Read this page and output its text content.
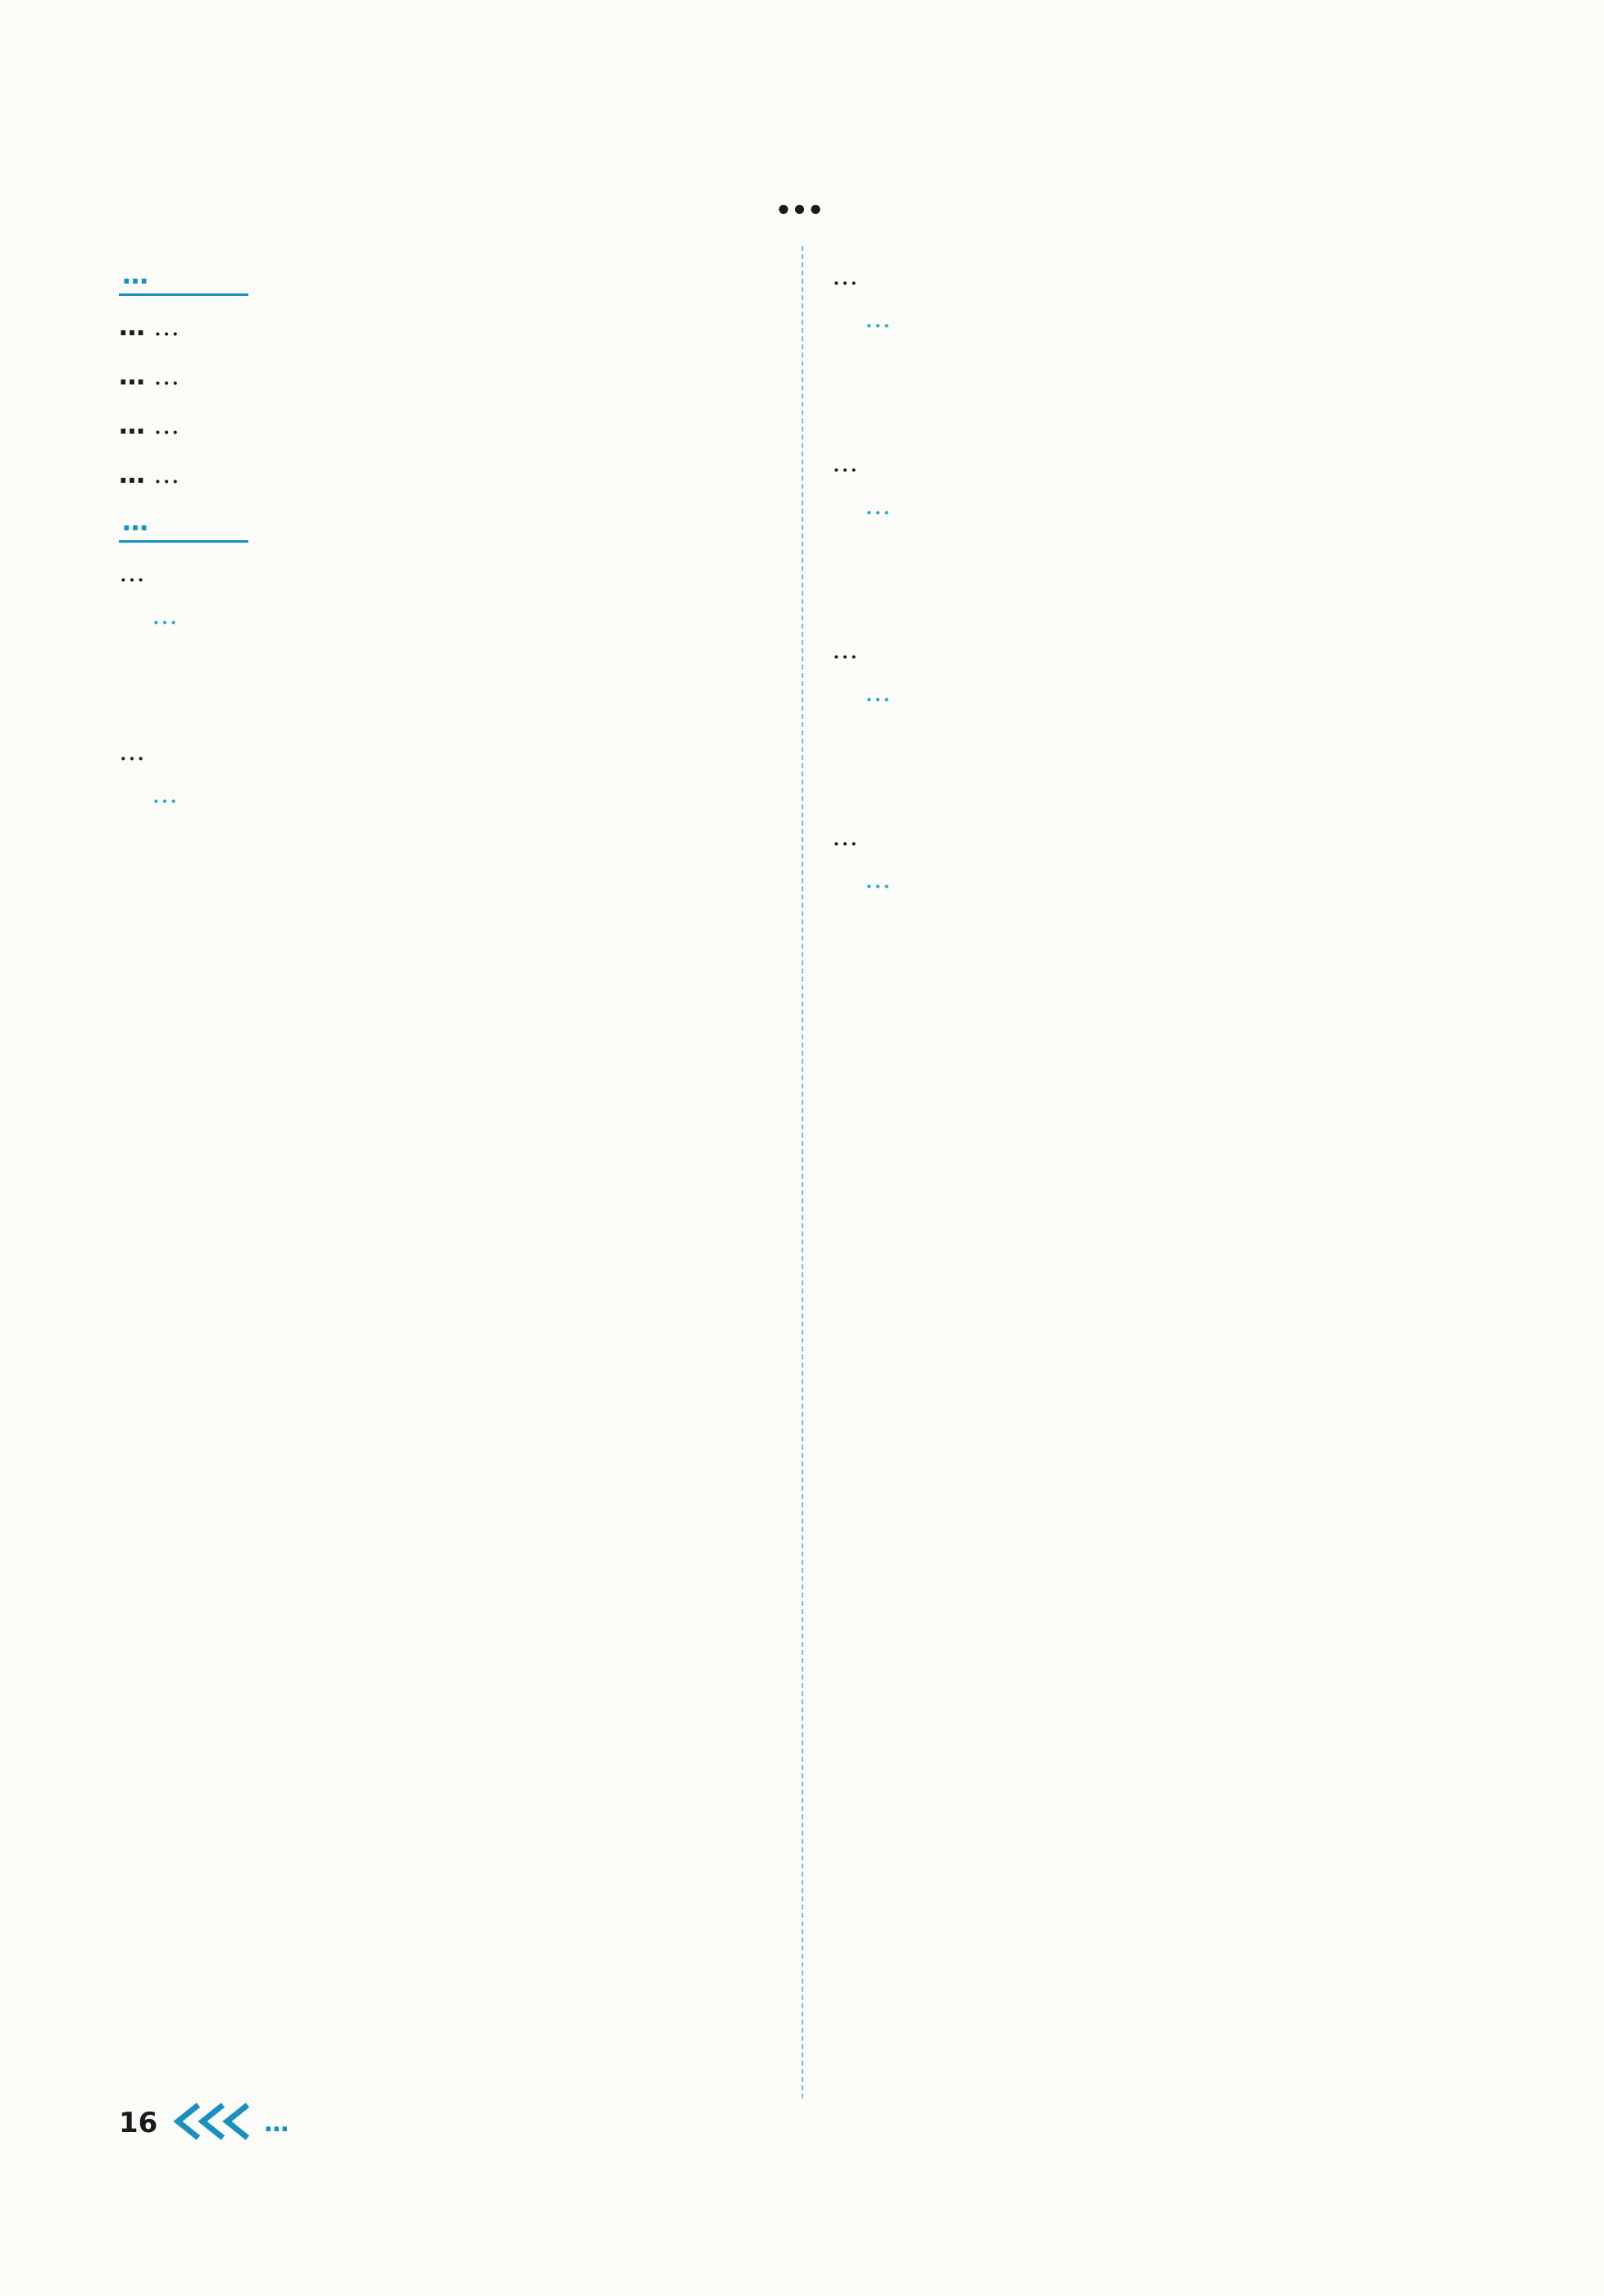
…
…

… …

… …

… …

… …

…
…
…
…
…
…
…
…
…
…
…
…
…
16	…
